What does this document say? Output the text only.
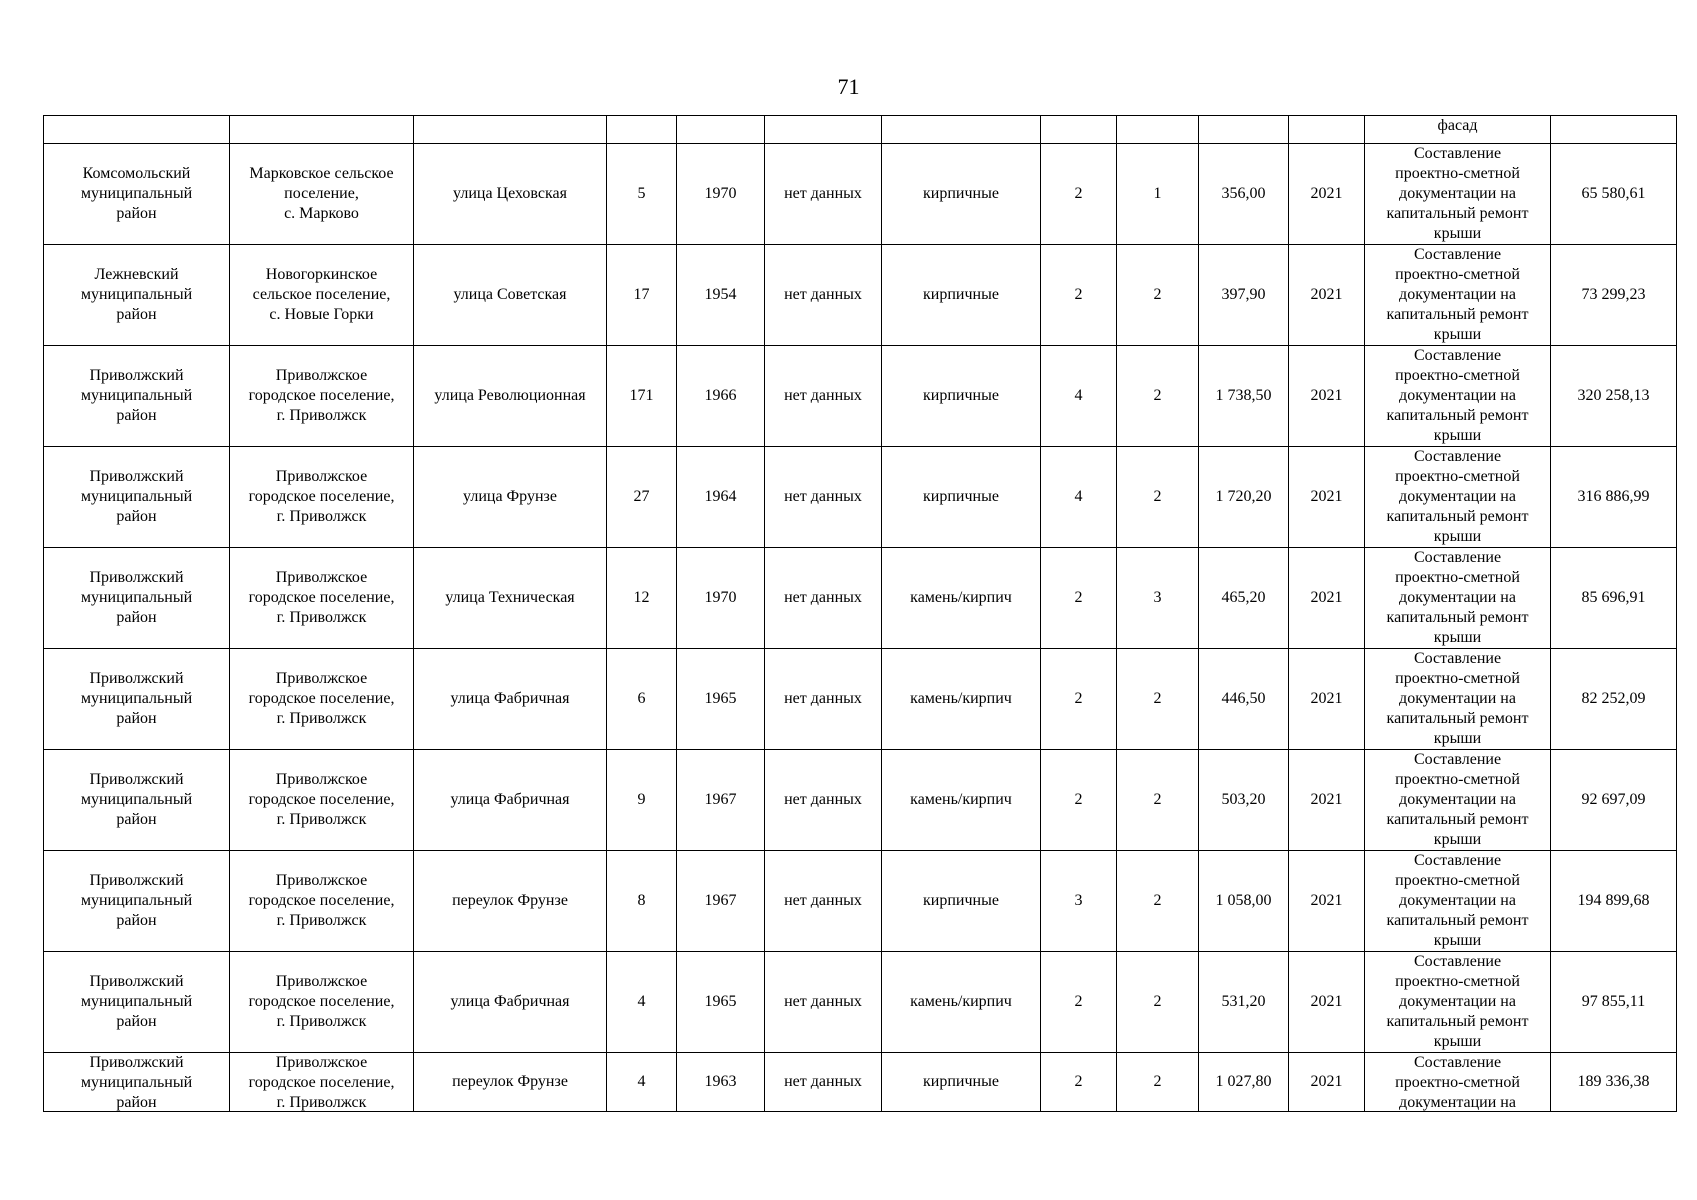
71
											фасад	

Комсомольский
муниципальный
район	Марковское сельское
поселение,
с. Марково	улица Цеховская	5	1970	нет данных	кирпичные	2	1	356,00	2021	Составление
проектно-сметной
документации на
капитальный ремонт
крыши	65 580,61

Лежневский
муниципальный
район	Новогоркинское
сельское поселение,
с. Новые Горки	улица Советская	17	1954	нет данных	кирпичные	2	2	397,90	2021	Составление
проектно-сметной
документации на
капитальный ремонт
крыши	73 299,23

Приволжский
муниципальный
район	Приволжское
городское поселение,
г. Приволжск	улица Революционная	171	1966	нет данных	кирпичные	4	2	1 738,50	2021	Составление
проектно-сметной
документации на
капитальный ремонт
крыши	320 258,13

Приволжский
муниципальный
район	Приволжское
городское поселение,
г. Приволжск	улица Фрунзе	27	1964	нет данных	кирпичные	4	2	1 720,20	2021	Составление
проектно-сметной
документации на
капитальный ремонт
крыши	316 886,99

Приволжский
муниципальный
район	Приволжское
городское поселение,
г. Приволжск	улица Техническая	12	1970	нет данных	камень/кирпич	2	3	465,20	2021	Составление
проектно-сметной
документации на
капитальный ремонт
крыши	85 696,91

Приволжский
муниципальный
район	Приволжское
городское поселение,
г. Приволжск	улица Фабричная	6	1965	нет данных	камень/кирпич	2	2	446,50	2021	Составление
проектно-сметной
документации на
капитальный ремонт
крыши	82 252,09

Приволжский
муниципальный
район	Приволжское
городское поселение,
г. Приволжск	улица Фабричная	9	1967	нет данных	камень/кирпич	2	2	503,20	2021	Составление
проектно-сметной
документации на
капитальный ремонт
крыши	92 697,09

Приволжский
муниципальный
район	Приволжское
городское поселение,
г. Приволжск	переулок Фрунзе	8	1967	нет данных	кирпичные	3	2	1 058,00	2021	Составление
проектно-сметной
документации на
капитальный ремонт
крыши	194 899,68

Приволжский
муниципальный
район	Приволжское
городское поселение,
г. Приволжск	улица Фабричная	4	1965	нет данных	камень/кирпич	2	2	531,20	2021	Составление
проектно-сметной
документации на
капитальный ремонт
крыши	97 855,11

Приволжский
муниципальный
район	Приволжское
городское поселение,
г. Приволжск	переулок Фрунзе	4	1963	нет данных	кирпичные	2	2	1 027,80	2021	Составление
проектно-сметной
документации на	189 336,38
